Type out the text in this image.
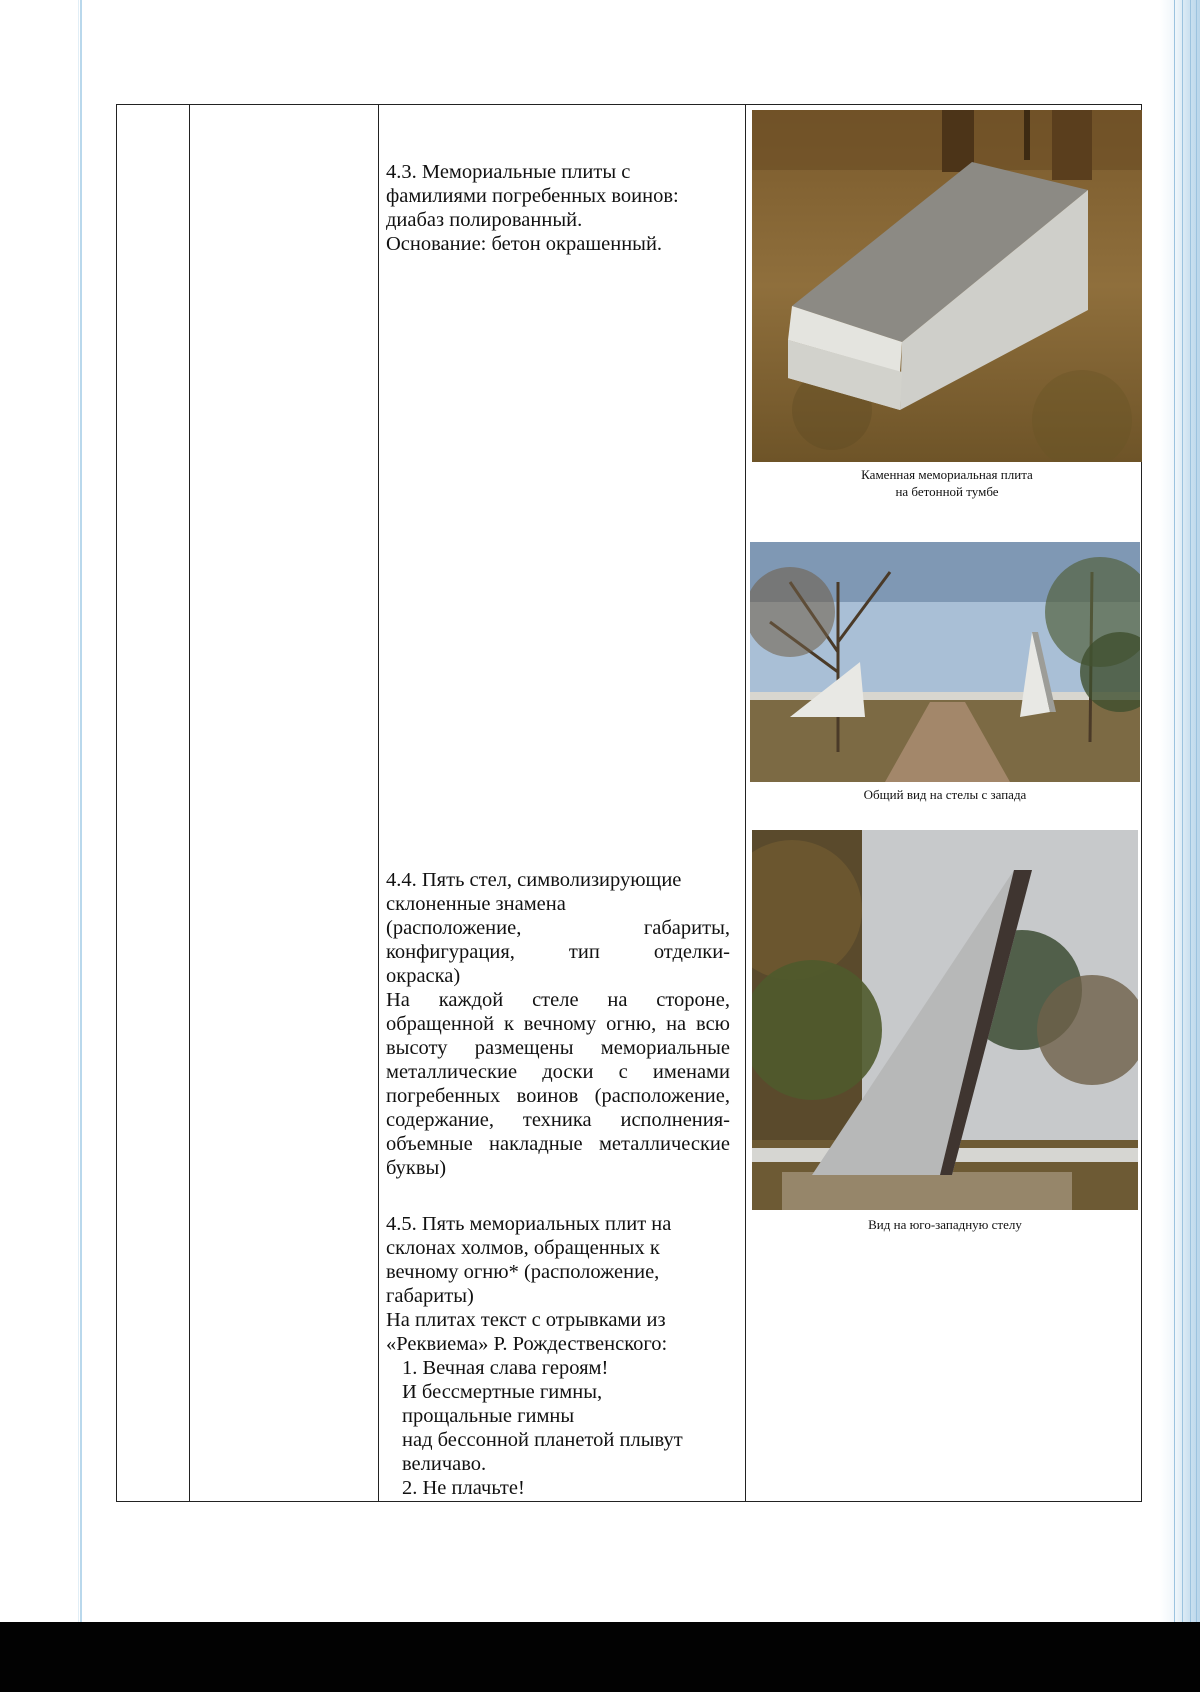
4.3. Мемориальные плиты с фамилиями погребенных воинов: диабаз полированный.

Основание: бетон окрашенный.

4.4. Пять стел, символизирующие склоненные знамена

(расположение,	габариты,
конфигурация,	тип	отделки-

окраска)

На каждой стеле на стороне, обращенной к вечному огню, на всю высоту размещены мемориальные металлические доски с именами погребенных воинов (расположение, содержание, техника исполнения- объемные накладные металлические буквы)

4.5. Пять мемориальных плит на склонах холмов, обращенных к вечному огню* (расположение, габариты)

На плитах текст с отрывками из «Реквиема» Р. Рождественского:

1. Вечная слава героям!

И бессмертные гимны,

прощальные гимны

над бессонной планетой плывут

величаво.

2. Не плачьте!

Каменная мемориальная плита
на бетонной тумбе
Общий вид на стелы с запада
Вид на юго-западную стелу
